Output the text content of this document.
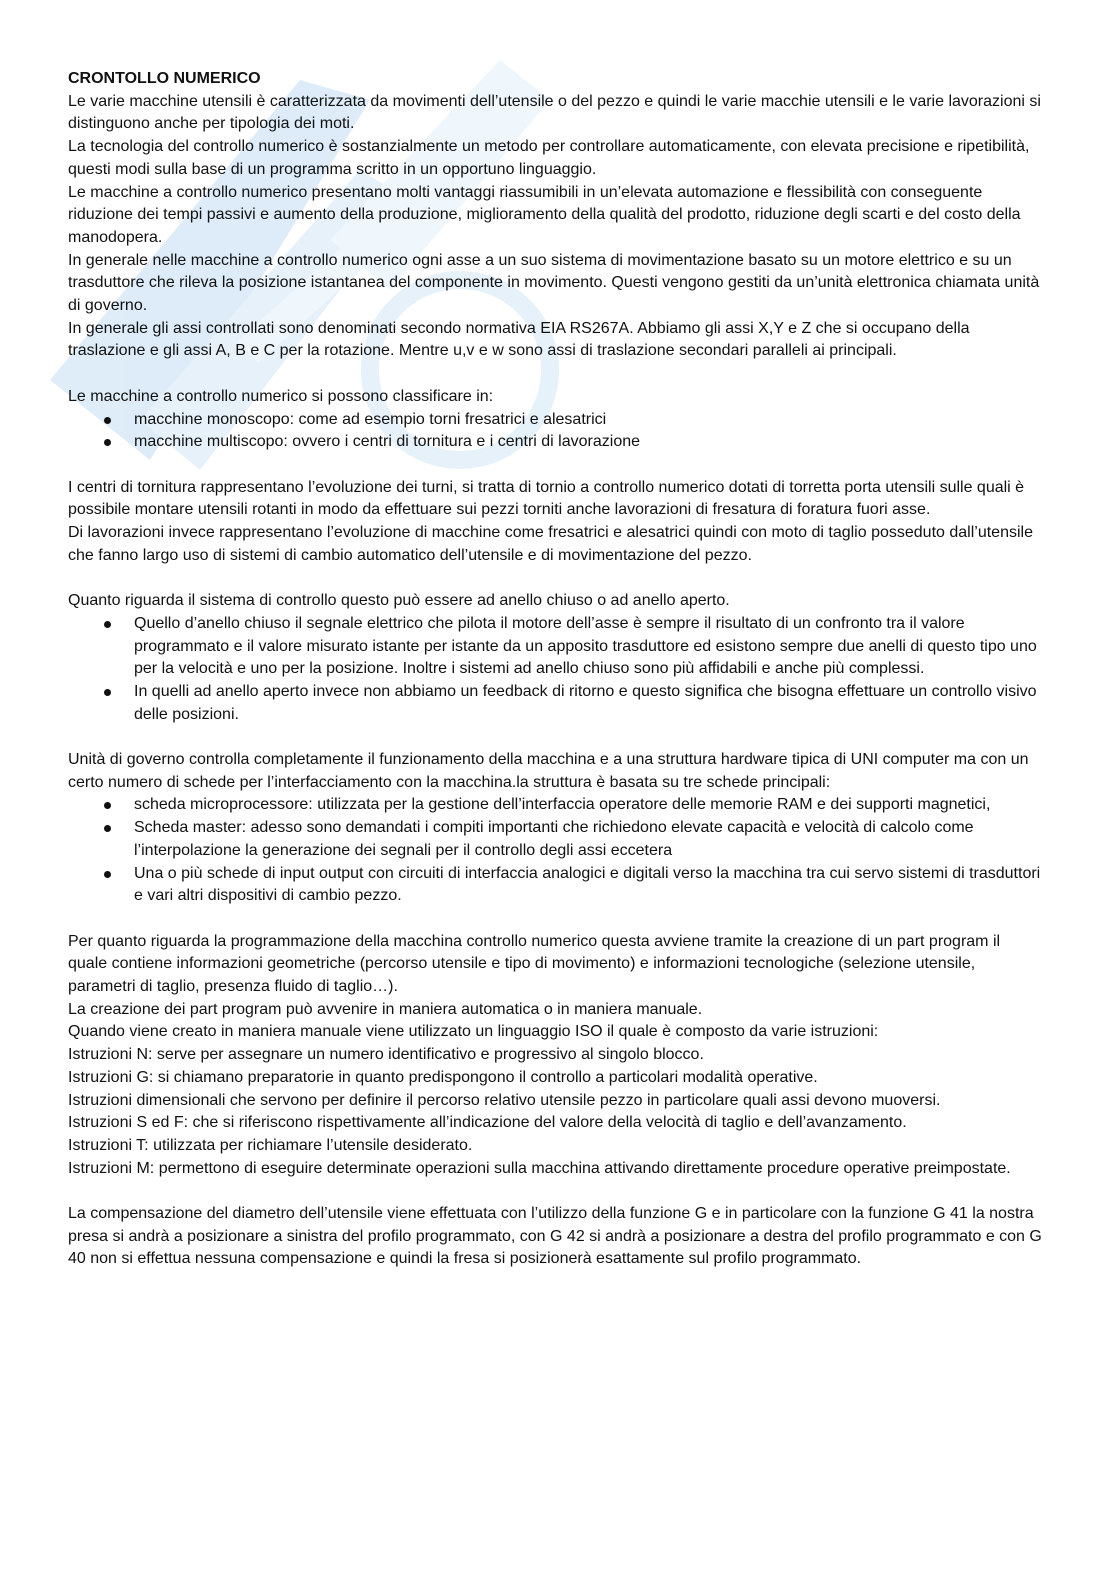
CRONTOLLO NUMERICO

Le varie macchine utensili è caratterizzata da movimenti dell’utensile o del pezzo e quindi le varie macchie utensili e le varie lavorazioni si distinguono anche per tipologia dei moti.

La tecnologia del controllo numerico è sostanzialmente un metodo per controllare automaticamente, con elevata precisione e ripetibilità, questi modi sulla base di un programma scritto in un opportuno linguaggio.

Le macchine a controllo numerico presentano molti vantaggi riassumibili in un’elevata automazione e flessibilità con conseguente riduzione dei tempi passivi e aumento della produzione, miglioramento della qualità del prodotto, riduzione degli scarti e del costo della manodopera.

In generale nelle macchine a controllo numerico ogni asse a un suo sistema di movimentazione basato su un motore elettrico e su un trasduttore che rileva la posizione istantanea del componente in movimento. Questi vengono gestiti da un’unità elettronica chiamata unità di governo.

In generale gli assi controllati sono denominati secondo normativa EIA RS267A. Abbiamo gli assi X,Y e Z che si occupano della traslazione e gli assi A, B e C per la rotazione. Mentre u,v e w sono assi di traslazione secondari paralleli ai principali.

Le macchine a controllo numerico si possono classificare in:

macchine monoscopo: come ad esempio torni fresatrici e alesatrici
macchine multiscopo: ovvero i centri di tornitura e i centri di lavorazione

I centri di tornitura rappresentano l’evoluzione dei turni, si tratta di tornio a controllo numerico dotati di torretta porta utensili sulle quali è possibile montare utensili rotanti in modo da effettuare sui pezzi torniti anche lavorazioni di fresatura di foratura fuori asse.

Di lavorazioni invece rappresentano l’evoluzione di macchine come fresatrici e alesatrici quindi con moto di taglio posseduto dall’utensile che fanno largo uso di sistemi di cambio automatico dell’utensile e di movimentazione del pezzo.

Quanto riguarda il sistema di controllo questo può essere ad anello chiuso o ad anello aperto.

Quello d’anello chiuso il segnale elettrico che pilota il motore dell’asse è sempre il risultato di un confronto tra il valore programmato e il valore misurato istante per istante da un apposito trasduttore ed esistono sempre due anelli di questo tipo uno per la velocità e uno per la posizione. Inoltre i sistemi ad anello chiuso sono più affidabili e anche più complessi.
In quelli ad anello aperto invece non abbiamo un feedback di ritorno e questo significa che bisogna effettuare un controllo visivo delle posizioni.

Unità di governo controlla completamente il funzionamento della macchina e a una struttura hardware tipica di UNI computer ma con un certo numero di schede per l’interfacciamento con la macchina.la struttura è basata su tre schede principali:

scheda microprocessore: utilizzata per la gestione dell’interfaccia operatore delle memorie RAM e dei supporti magnetici,
Scheda master: adesso sono demandati i compiti importanti che richiedono elevate capacità e velocità di calcolo come l’interpolazione la generazione dei segnali per il controllo degli assi eccetera
Una o più schede di input output con circuiti di interfaccia analogici e digitali verso la macchina tra cui servo sistemi di trasduttori e vari altri dispositivi di cambio pezzo.

Per quanto riguarda la programmazione della macchina controllo numerico questa avviene tramite la creazione di un part program il quale contiene informazioni geometriche (percorso utensile e tipo di movimento) e informazioni tecnologiche (selezione utensile, parametri di taglio, presenza fluido di taglio…).

La creazione dei part program può avvenire in maniera automatica o in maniera manuale.

Quando viene creato in maniera manuale viene utilizzato un linguaggio ISO il quale è composto da varie istruzioni:

Istruzioni N: serve per assegnare un numero identificativo e progressivo al singolo blocco.

Istruzioni G: si chiamano preparatorie in quanto predispongono il controllo a particolari modalità operative.

Istruzioni dimensionali che servono per definire il percorso relativo utensile pezzo in particolare quali assi devono muoversi.

Istruzioni S ed F: che si riferiscono rispettivamente all’indicazione del valore della velocità di taglio e dell’avanzamento.

Istruzioni T: utilizzata per richiamare l’utensile desiderato.

Istruzioni M: permettono di eseguire determinate operazioni sulla macchina attivando direttamente procedure operative preimpostate.

La compensazione del diametro dell’utensile viene effettuata con l’utilizzo della funzione G e in particolare con la funzione G 41 la nostra presa si andrà a posizionare a sinistra del profilo programmato, con G 42 si andrà a posizionare a destra del profilo programmato e con G 40 non si effettua nessuna compensazione e quindi la fresa si posizionerà esattamente sul profilo programmato.
